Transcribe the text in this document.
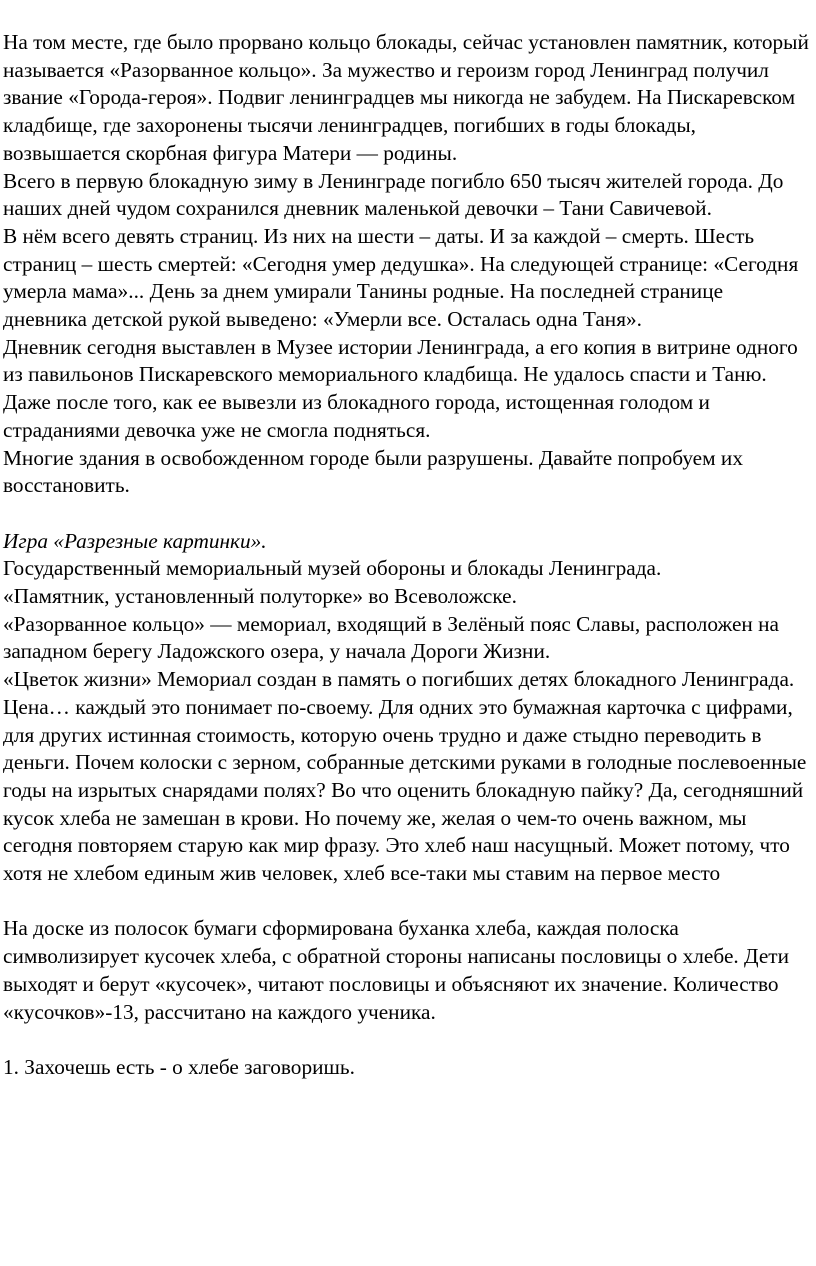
На том месте, где было прорвано кольцо блокады, сейчас установлен памятник, который называется «Разорванное кольцо». За мужество и героизм город Ленинград получил звание «Города-героя». Подвиг ленинградцев мы никогда не забудем. На Пискаревском кладбище, где захоронены тысячи ленинградцев, погибших в годы блокады, возвышается скорбная фигура Матери — родины.

Всего в первую блокадную зиму в Ленинграде погибло 650 тысяч жителей города. До наших дней чудом сохранился дневник маленькой девочки – Тани Савичевой.

В нём всего девять страниц. Из них на шести – даты. И за каждой – смерть. Шесть страниц – шесть смертей: «Сегодня умер дедушка». На следующей странице: «Сегодня умерла мама»... День за днем умирали Танины родные. На последней странице дневника детской рукой выведено: «Умерли все. Осталась одна Таня».

Дневник сегодня выставлен в Музее истории Ленинграда, а его копия в витрине одного из павильонов Пискаревского мемориального кладбища. Не удалось спасти и Таню. Даже после того, как ее вывезли из блокадного города, истощенная голодом и страданиями девочка уже не смогла подняться.

Многие здания в освобожденном городе были разрушены. Давайте попробуем их восстановить.

Игра «Разрезные картинки».

Государственный мемориальный музей обороны и блокады Ленинграда.

«Памятник, установленный полуторке» во Всеволожске.

«Разорванное кольцо» — мемориал, входящий в Зелёный пояс Славы, расположен на западном берегу Ладожского озера, у начала Дороги Жизни.

«Цветок жизни» Мемориал создан в память о погибших детях блокадного Ленинграда.

Цена… каждый это понимает по-своему. Для одних это бумажная карточка с цифрами, для других истинная стоимость, которую очень трудно и даже стыдно переводить в деньги. Почем колоски с зерном, собранные детскими руками в голодные послевоенные годы на изрытых снарядами полях? Во что оценить блокадную пайку? Да, сегодняшний кусок хлеба не замешан в крови. Но почему же, желая о чем-то очень важном, мы сегодня повторяем старую как мир фразу. Это хлеб наш насущный. Может потому, что хотя не хлебом единым жив человек, хлеб все-таки мы ставим на первое место

На доске из полосок бумаги сформирована буханка хлеба, каждая полоска символизирует кусочек хлеба, с обратной стороны написаны пословицы о хлебе. Дети выходят и берут «кусочек», читают пословицы и объясняют их значение. Количество «кусочков»-13, рассчитано на каждого ученика.

1. Захочешь есть - о хлебе заговоришь.
